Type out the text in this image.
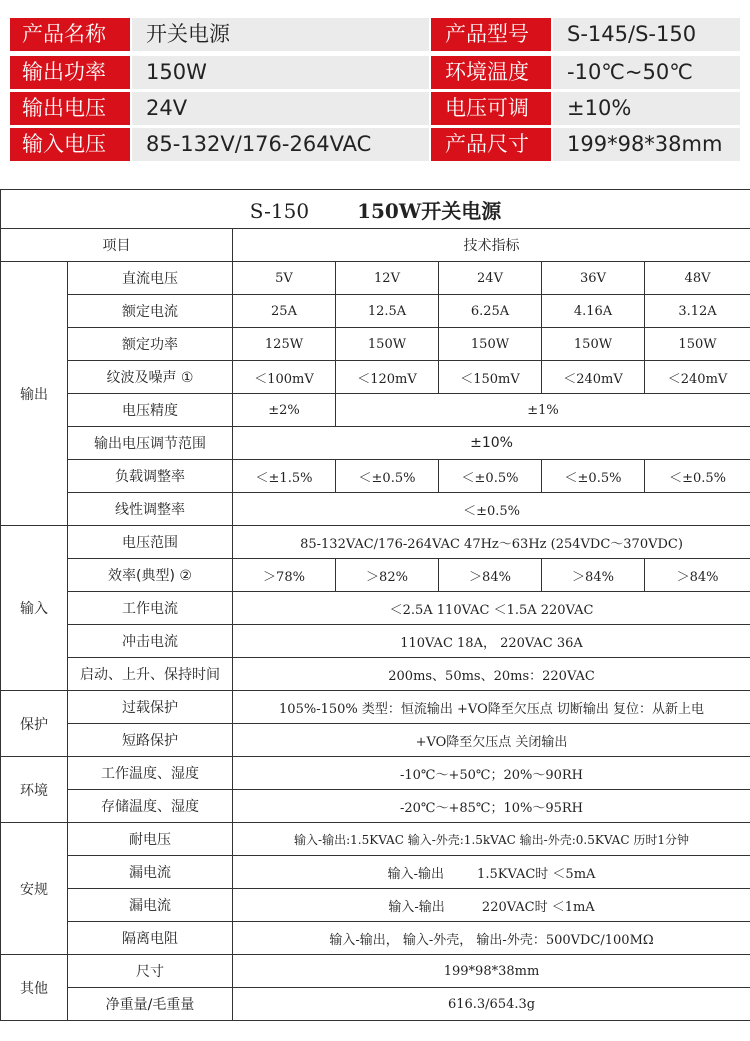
产品名称	开关电源	产品型号	S-145/S-150
输出功率	150W	环境温度	-10℃~50℃
输出电压	24V	电压可调	±10%
输入电压	85-132V/176-264VAC	产品尺寸	199*98*38mm
S-150 150W开关电源						
项目		技术指标				
输出	直流电压	5V	12V	24V	36V	48V
	额定电流	25A	12.5A	6.25A	4.16A	3.12A
	额定功率	125W	150W	150W	150W	150W
	纹波及噪声 ①	＜100mV	＜120mV	＜150mV	＜240mV	＜240mV
	电压精度	±2%	±1%			
	输出电压调节范围	±10%				
	负载调整率	＜±1.5%	＜±0.5%	＜±0.5%	＜±0.5%	＜±0.5%
	线性调整率	＜±0.5%				
输入	电压范围	85-132VAC/176-264VAC 47Hz～63Hz (254VDC～370VDC)				
	效率(典型) ②	＞78%	＞82%	＞84%	＞84%	＞84%
	工作电流	＜2.5A 110VAC ＜1.5A 220VAC				
	冲击电流	110VAC 18A， 220VAC 36A				
	启动、上升、保持时间	200ms、50ms、20ms：220VAC				
保护	过载保护	105%-150% 类型：恒流输出 +VO降至欠压点 切断输出 复位：从新上电				
	短路保护	+VO降至欠压点 关闭输出				
环境	工作温度、湿度	-10℃～+50℃；20%～90RH				
	存储温度、湿度	-20℃～+85℃；10%～95RH				
安规	耐电压	输入-输出:1.5KVAC 输入-外壳:1.5kVAC 输出-外壳:0.5KVAC 历时1分钟				
	漏电流	输入-输出        1.5KVAC时 ＜5mA				
	漏电流	输入-输出         220VAC时 ＜1mA				
	隔离电阻	输入-输出， 输入-外壳， 输出-外壳：500VDC/100MΩ				
其他	尺寸	199*98*38mm				
	净重量/毛重量	616.3/654.3g				
